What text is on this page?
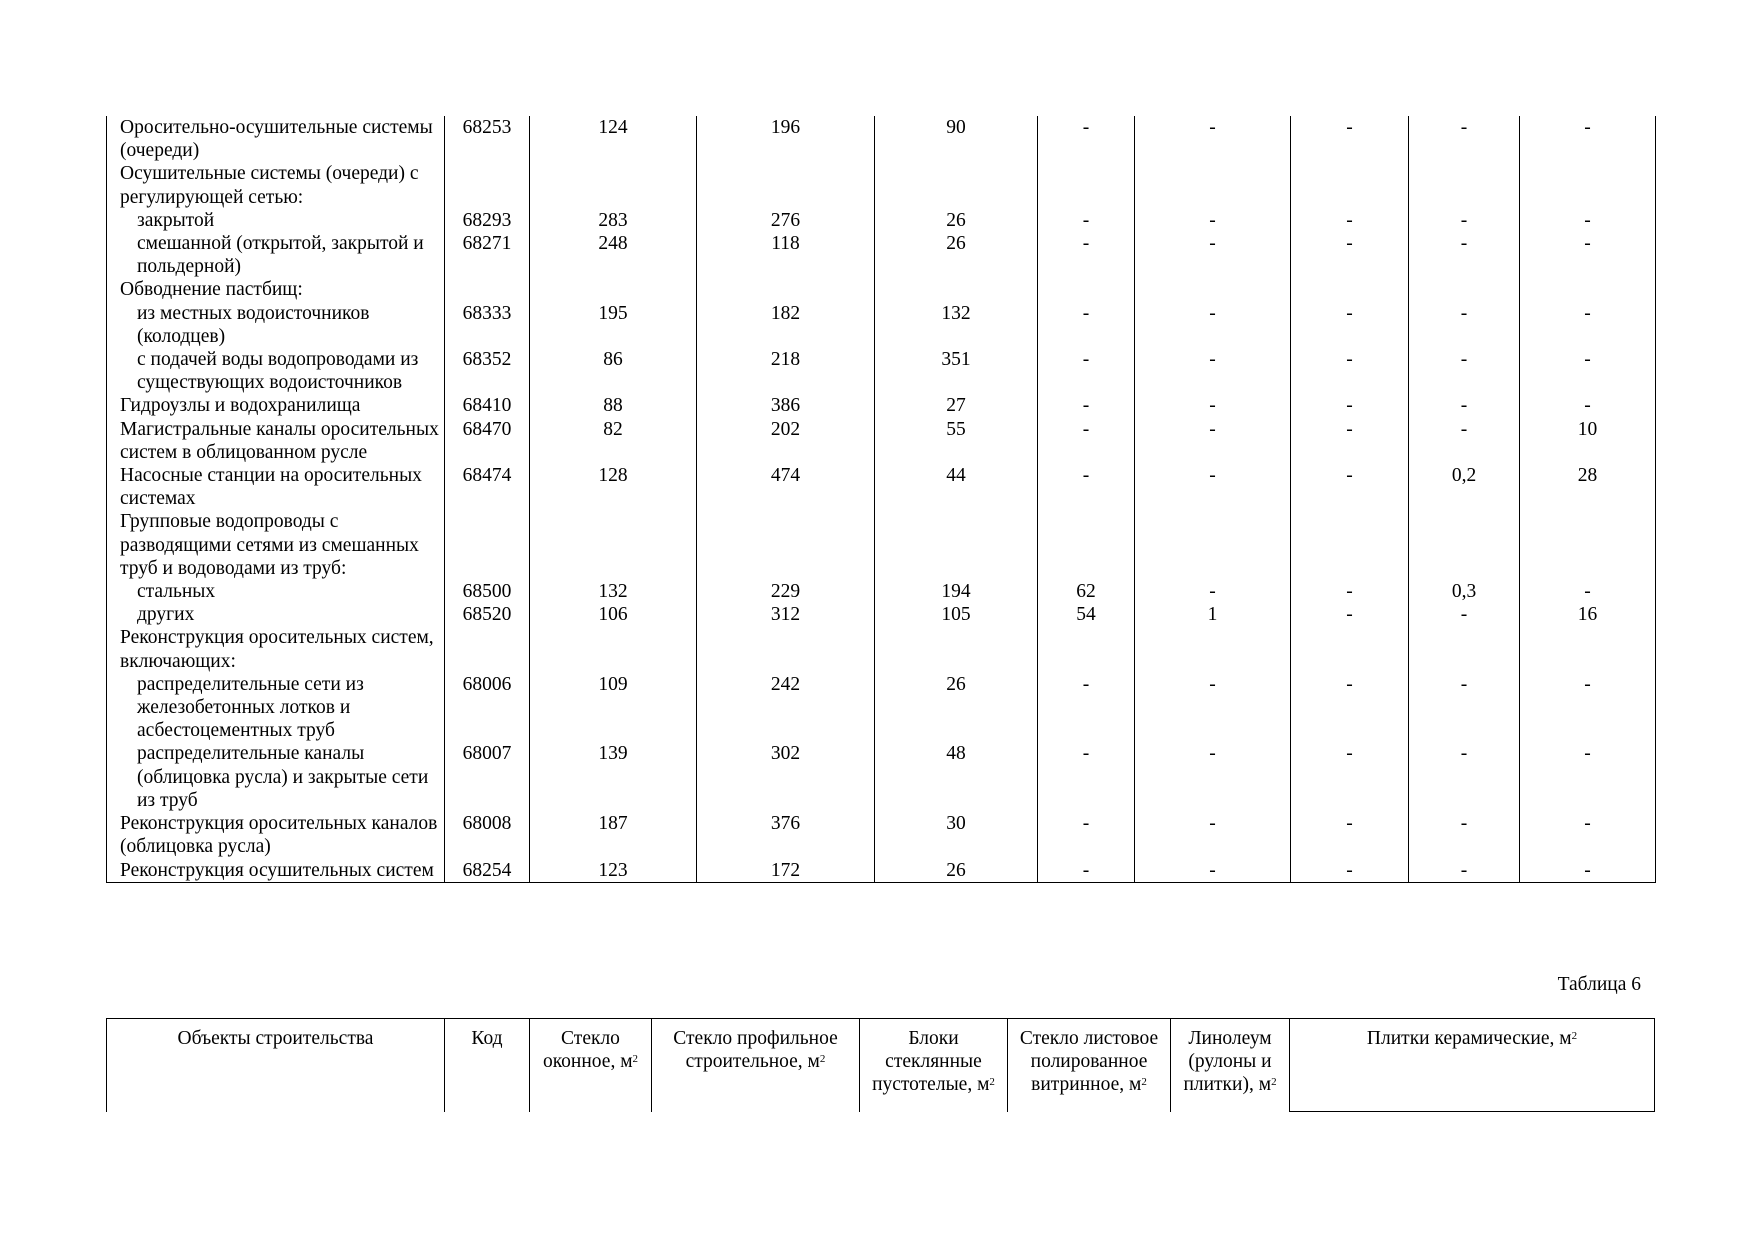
Оросительно-осушительные системы (очереди)	68253	124	196	90	-	-	-	-	-
Осушительные системы (очереди) с регулирующей сетью:									
закрытой	68293	283	276	26	-	-	-	-	-
смешанной (открытой, закрытой и польдерной)	68271	248	118	26	-	-	-	-	-
Обводнение пастбищ:									
из местных водоисточников (колодцев)	68333	195	182	132	-	-	-	-	-
с подачей воды водопроводами из существующих водоисточников	68352	86	218	351	-	-	-	-	-
Гидроузлы и водохранилища	68410	88	386	27	-	-	-	-	-
Магистральные каналы оросительных систем в облицованном русле	68470	82	202	55	-	-	-	-	10
Насосные станции на оросительных системах	68474	128	474	44	-	-	-	0,2	28
Групповые водопроводы с разводящими сетями из смешанных труб и водоводами из труб:									
стальных	68500	132	229	194	62	-	-	0,3	-
других	68520	106	312	105	54	1	-	-	16
Реконструкция оросительных систем, включающих:									
распределительные сети из железобетонных лотков и асбестоцементных труб	68006	109	242	26	-	-	-	-	-
распределительные каналы (облицовка русла) и закрытые сети из труб	68007	139	302	48	-	-	-	-	-
Реконструкция оросительных каналов (облицовка русла)	68008	187	376	30	-	-	-	-	-
Реконструкция осушительных систем	68254	123	172	26	-	-	-	-	-
Таблица 6
Объекты строительства	Код	Стекло оконное, $м^2$	Стекло профильное строительное, $м^2$	Блоки стеклянные пустотелые, $м^2$	Стекло листовое полированное витринное, $м^2$	Линолеум (рулоны и плитки), $м^2$	Плитки керамические, $м^2$
